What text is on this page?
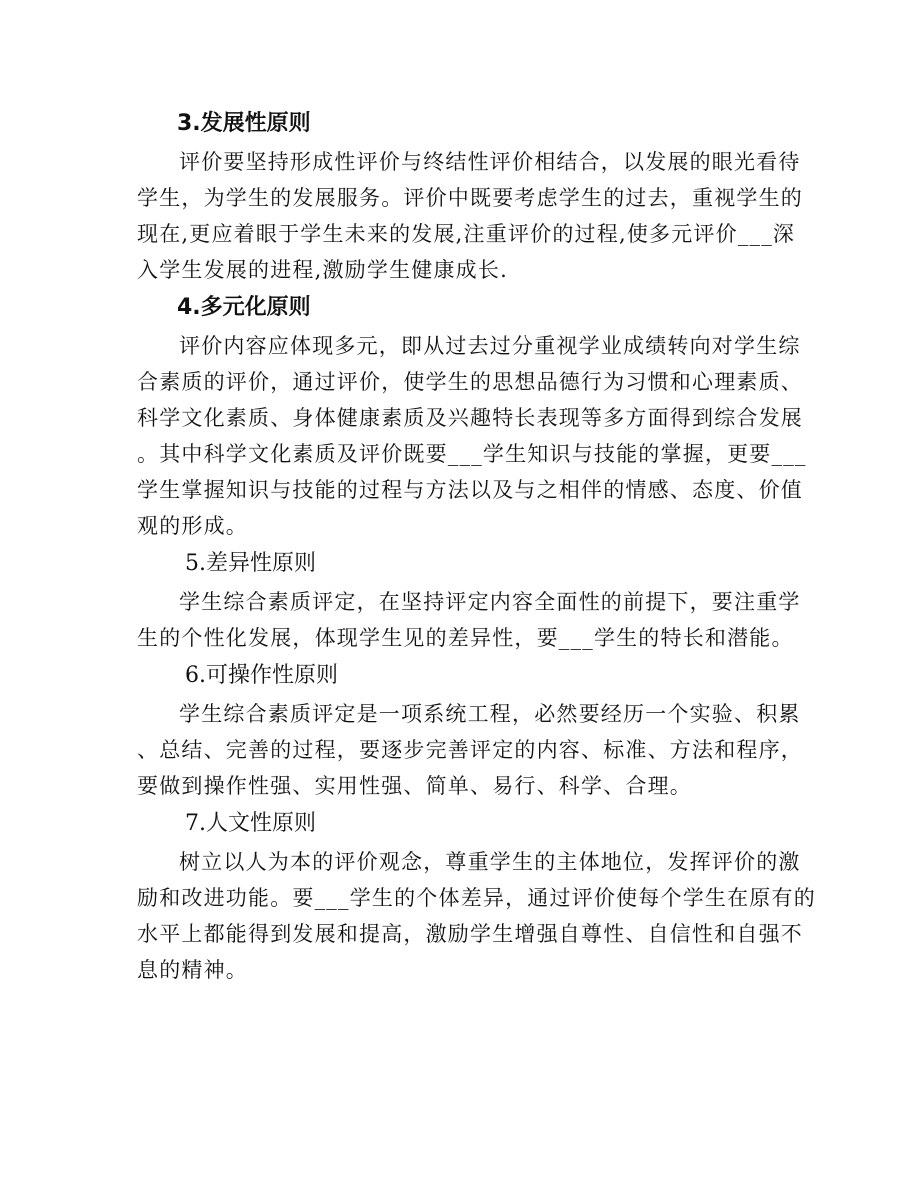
3.发展性原则
评价要坚持形成性评价与终结性评价相结合，以发展的眼光看待
学生，为学生的发展服务。评价中既要考虑学生的过去，重视学生的
现在,更应着眼于学生未来的发展,注重评价的过程,使多元评价___深
入学生发展的进程,激励学生健康成长.
4.多元化原则
评价内容应体现多元，即从过去过分重视学业成绩转向对学生综
合素质的评价，通过评价，使学生的思想品德行为习惯和心理素质、
科学文化素质、身体健康素质及兴趣特长表现等多方面得到综合发展
。其中科学文化素质及评价既要___学生知识与技能的掌握，更要___
学生掌握知识与技能的过程与方法以及与之相伴的情感、态度、价值
观的形成。
5.差异性原则
学生综合素质评定，在坚持评定内容全面性的前提下，要注重学
生的个性化发展，体现学生见的差异性，要___学生的特长和潜能。
6.可操作性原则
学生综合素质评定是一项系统工程，必然要经历一个实验、积累
、总结、完善的过程，要逐步完善评定的内容、标准、方法和程序，
要做到操作性强、实用性强、简单、易行、科学、合理。
7.人文性原则
树立以人为本的评价观念，尊重学生的主体地位，发挥评价的激
励和改进功能。要___学生的个体差异，通过评价使每个学生在原有的
水平上都能得到发展和提高，激励学生增强自尊性、自信性和自强不
息的精神。
